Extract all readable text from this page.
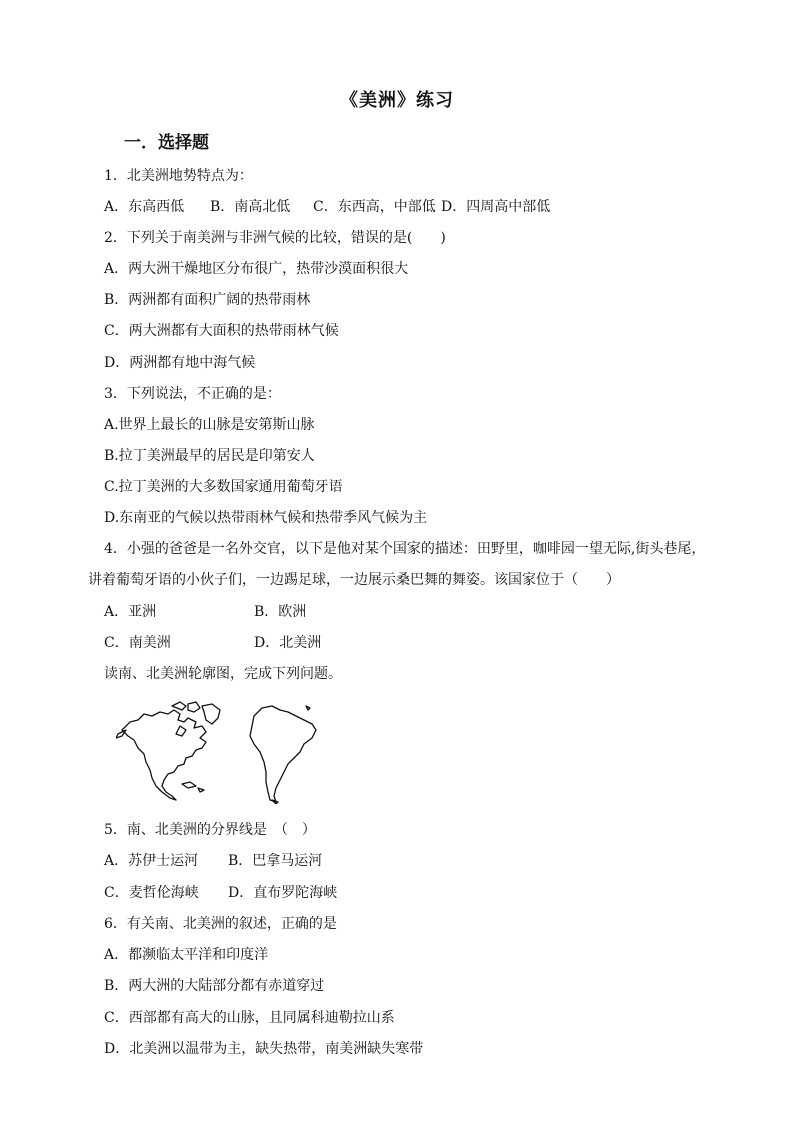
《美洲》练习
一．选择题
1．北美洲地势特点为：
A．东高西低 B．南高北低 C．东西高，中部低 D．四周高中部低
2．下列关于南美洲与非洲气候的比较，错误的是(　　)
A．两大洲干燥地区分布很广，热带沙漠面积很大
B．两洲都有面积广阔的热带雨林
C．两大洲都有大面积的热带雨林气候
D．两洲都有地中海气候
3．下列说法，不正确的是：
A.世界上最长的山脉是安第斯山脉
B.拉丁美洲最早的居民是印第安人
C.拉丁美洲的大多数国家通用葡萄牙语
D.东南亚的气候以热带雨林气候和热带季风气候为主
4．小强的爸爸是一名外交官，以下是他对某个国家的描述：田野里，咖啡园一望无际,街头巷尾，
讲着葡萄牙语的小伙子们，一边踢足球，一边展示桑巴舞的舞姿。该国家位于（　　）
A．亚洲	B．欧洲
C．南美洲	D．北美洲
读南、北美洲轮廓图，完成下列问题。
5．南、北美洲的分界线是　（　）
A．苏伊士运河 B．巴拿马运河
C．麦哲伦海峡 D．直布罗陀海峡
6．有关南、北美洲的叙述，正确的是
A．都濒临太平洋和印度洋
B．两大洲的大陆部分都有赤道穿过
C．西部都有高大的山脉，且同属科迪勒拉山系
D．北美洲以温带为主，缺失热带，南美洲缺失寒带
